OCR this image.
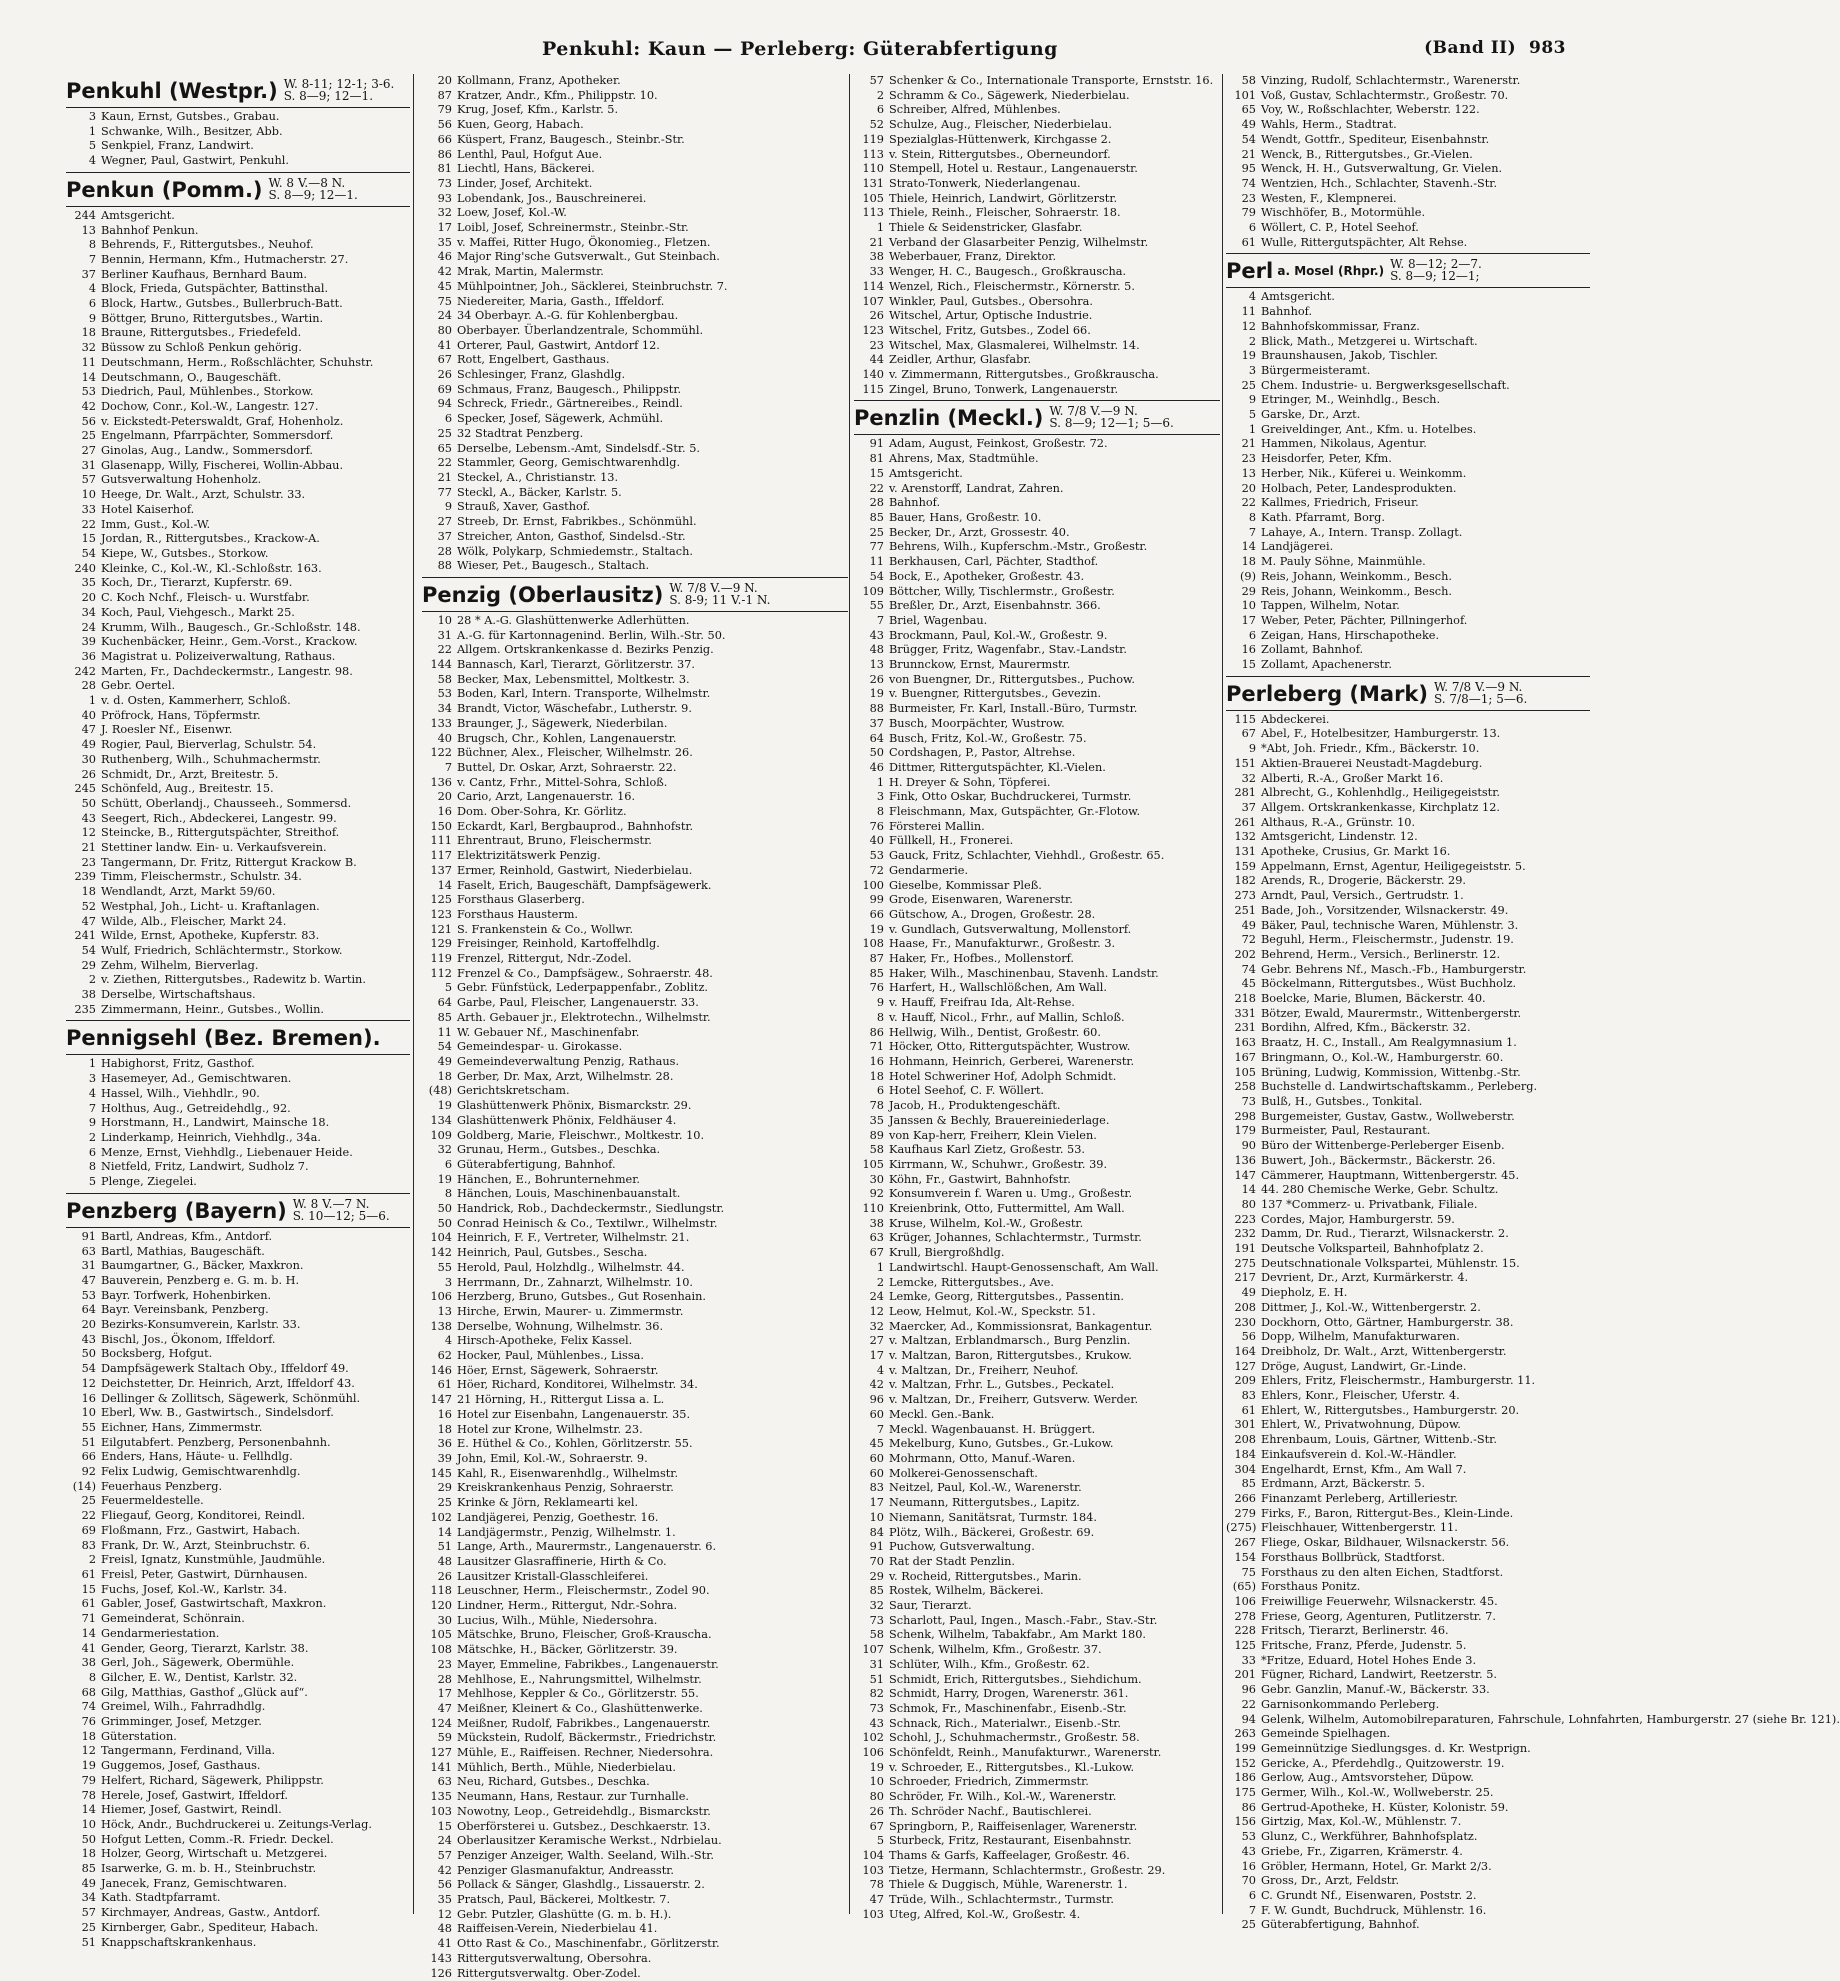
Penkuhl: Kaun — Perleberg: Güterabfertigung	(Band II) 983
Penkuhl (Westpr.) W. 8-11; 12-1; 3-6.
S. 8—9; 12—1.
3 Kaun, Ernst, Gutsbes., Grabau.
1 Schwanke, Wilh., Besitzer, Abb.
5 Senkpiel, Franz, Landwirt.
4 Wegner, Paul, Gastwirt, Penkuhl.
Penkun (Pomm.) W. 8 V.—8 N.
S. 8—9; 12—1.
244 Amtsgericht.
13 Bahnhof Penkun.
8 Behrends, F., Rittergutsbes., Neuhof.
7 Bennin, Hermann, Kfm., Hutmacherstr. 27.
37 Berliner Kaufhaus, Bernhard Baum.
4 Block, Frieda, Gutspächter, Battinsthal.
6 Block, Hartw., Gutsbes., Bullerbruch-Batt.
9 Böttger, Bruno, Rittergutsbes., Wartin.
18 Braune, Rittergutsbes., Friedefeld.
32 Büssow zu Schloß Penkun gehörig.
11 Deutschmann, Herm., Roßschlächter, Schuhstr.
14 Deutschmann, O., Baugeschäft.
53 Diedrich, Paul, Mühlenbes., Storkow.
42 Dochow, Conr., Kol.-W., Langestr. 127.
56 v. Eickstedt-Peterswaldt, Graf, Hohenholz.
25 Engelmann, Pfarrpächter, Sommersdorf.
27 Ginolas, Aug., Landw., Sommersdorf.
31 Glasenapp, Willy, Fischerei, Wollin-Abbau.
57 Gutsverwaltung Hohenholz.
10 Heege, Dr. Walt., Arzt, Schulstr. 33.
33 Hotel Kaiserhof.
22 Imm, Gust., Kol.-W.
15 Jordan, R., Rittergutsbes., Krackow-A.
54 Kiepe, W., Gutsbes., Storkow.
240 Kleinke, C., Kol.-W., Kl.-Schloßstr. 163.
35 Koch, Dr., Tierarzt, Kupferstr. 69.
20 C. Koch Nchf., Fleisch- u. Wurstfabr.
34 Koch, Paul, Viehgesch., Markt 25.
24 Krumm, Wilh., Baugesch., Gr.-Schloßstr. 148.
39 Kuchenbäcker, Heinr., Gem.-Vorst., Krackow.
36 Magistrat u. Polizeiverwaltung, Rathaus.
242 Marten, Fr., Dachdeckermstr., Langestr. 98.
28 Gebr. Oertel.
1 v. d. Osten, Kammerherr, Schloß.
40 Pröfrock, Hans, Töpfermstr.
47 J. Roesler Nf., Eisenwr.
49 Rogier, Paul, Bierverlag, Schulstr. 54.
30 Ruthenberg, Wilh., Schuhmachermstr.
26 Schmidt, Dr., Arzt, Breitestr. 5.
245 Schönfeld, Aug., Breitestr. 15.
50 Schütt, Oberlandj., Chausseeh., Sommersd.
43 Seegert, Rich., Abdeckerei, Langestr. 99.
12 Steincke, B., Rittergutspächter, Streithof.
21 Stettiner landw. Ein- u. Verkaufsverein.
23 Tangermann, Dr. Fritz, Rittergut Krackow B.
239 Timm, Fleischermstr., Schulstr. 34.
18 Wendlandt, Arzt, Markt 59/60.
52 Westphal, Joh., Licht- u. Kraftanlagen.
47 Wilde, Alb., Fleischer, Markt 24.
241 Wilde, Ernst, Apotheke, Kupferstr. 83.
54 Wulf, Friedrich, Schlächtermstr., Storkow.
29 Zehm, Wilhelm, Bierverlag.
2 v. Ziethen, Rittergutsbes., Radewitz b. Wartin.
38 Derselbe, Wirtschaftshaus.
235 Zimmermann, Heinr., Gutsbes., Wollin.
Pennigsehl (Bez. Bremen).
1 Habighorst, Fritz, Gasthof.
3 Hasemeyer, Ad., Gemischtwaren.
4 Hassel, Wilh., Viehhdlr., 90.
7 Holthus, Aug., Getreidehdlg., 92.
9 Horstmann, H., Landwirt, Mainsche 18.
2 Linderkamp, Heinrich, Viehhdlg., 34a.
6 Menze, Ernst, Viehhdlg., Liebenauer Heide.
8 Nietfeld, Fritz, Landwirt, Sudholz 7.
5 Plenge, Ziegelei.
Penzberg (Bayern) W. 8 V.—7 N.
S. 10—12; 5—6.
91 Bartl, Andreas, Kfm., Antdorf.
63 Bartl, Mathias, Baugeschäft.
31 Baumgartner, G., Bäcker, Maxkron.
47 Bauverein, Penzberg e. G. m. b. H.
53 Bayr. Torfwerk, Hohenbirken.
64 Bayr. Vereinsbank, Penzberg.
20 Bezirks-Konsumverein, Karlstr. 33.
43 Bischl, Jos., Ökonom, Iffeldorf.
50 Bocksberg, Hofgut.
54 Dampfsägewerk Staltach Oby., Iffeldorf 49.
12 Deichstetter, Dr. Heinrich, Arzt, Iffeldorf 43.
16 Dellinger & Zollitsch, Sägewerk, Schönmühl.
10 Eberl, Ww. B., Gastwirtsch., Sindelsdorf.
55 Eichner, Hans, Zimmermstr.
51 Eilgutabfert. Penzberg, Personenbahnh.
66 Enders, Hans, Häute- u. Fellhdlg.
92 Felix Ludwig, Gemischtwarenhdlg.
(14) Feuerhaus Penzberg.
25 Feuermeldestelle.
22 Fliegauf, Georg, Konditorei, Reindl.
69 Floßmann, Frz., Gastwirt, Habach.
83 Frank, Dr. W., Arzt, Steinbruchstr. 6.
2 Freisl, Ignatz, Kunstmühle, Jaudmühle.
61 Freisl, Peter, Gastwirt, Dürnhausen.
15 Fuchs, Josef, Kol.-W., Karlstr. 34.
61 Gabler, Josef, Gastwirtschaft, Maxkron.
71 Gemeinderat, Schönrain.
14 Gendarmeriestation.
41 Gender, Georg, Tierarzt, Karlstr. 38.
38 Gerl, Joh., Sägewerk, Obermühle.
8 Gilcher, E. W., Dentist, Karlstr. 32.
68 Gilg, Matthias, Gasthof „Glück auf“.
74 Greimel, Wilh., Fahrradhdlg.
76 Grimminger, Josef, Metzger.
18 Güterstation.
12 Tangermann, Ferdinand, Villa.
19 Guggemos, Josef, Gasthaus.
79 Helfert, Richard, Sägewerk, Philippstr.
78 Herele, Josef, Gastwirt, Iffeldorf.
14 Hiemer, Josef, Gastwirt, Reindl.
10 Höck, Andr., Buchdruckerei u. Zeitungs-Verlag.
50 Hofgut Letten, Comm.-R. Friedr. Deckel.
18 Holzer, Georg, Wirtschaft u. Metzgerei.
85 Isarwerke, G. m. b. H., Steinbruchstr.
49 Janecek, Franz, Gemischtwaren.
34 Kath. Stadtpfarramt.
57 Kirchmayer, Andreas, Gastw., Antdorf.
25 Kirnberger, Gabr., Spediteur, Habach.
51 Knappschaftskrankenhaus.
20 Kollmann, Franz, Apotheker.
87 Kratzer, Andr., Kfm., Philippstr. 10.
79 Krug, Josef, Kfm., Karlstr. 5.
56 Kuen, Georg, Habach.
66 Küspert, Franz, Baugesch., Steinbr.-Str.
86 Lenthl, Paul, Hofgut Aue.
81 Liechtl, Hans, Bäckerei.
73 Linder, Josef, Architekt.
93 Lobendank, Jos., Bauschreinerei.
32 Loew, Josef, Kol.-W.
17 Loibl, Josef, Schreinermstr., Steinbr.-Str.
35 v. Maffei, Ritter Hugo, Ökonomieg., Fletzen.
46 Major Ring'sche Gutsverwalt., Gut Steinbach.
42 Mrak, Martin, Malermstr.
45 Mühlpointner, Joh., Säcklerei, Steinbruchstr. 7.
75 Niedereiter, Maria, Gasth., Iffeldorf.
24 34 Oberbayr. A.-G. für Kohlenbergbau.
80 Oberbayer. Überlandzentrale, Schommühl.
41 Orterer, Paul, Gastwirt, Antdorf 12.
67 Rott, Engelbert, Gasthaus.
26 Schlesinger, Franz, Glashdlg.
69 Schmaus, Franz, Baugesch., Philippstr.
94 Schreck, Friedr., Gärtnereibes., Reindl.
6 Specker, Josef, Sägewerk, Achmühl.
25 32 Stadtrat Penzberg.
65 Derselbe, Lebensm.-Amt, Sindelsdf.-Str. 5.
22 Stammler, Georg, Gemischtwarenhdlg.
21 Steckel, A., Christianstr. 13.
77 Steckl, A., Bäcker, Karlstr. 5.
9 Strauß, Xaver, Gasthof.
27 Streeb, Dr. Ernst, Fabrikbes., Schönmühl.
37 Streicher, Anton, Gasthof, Sindelsd.-Str.
28 Wölk, Polykarp, Schmiedemstr., Staltach.
88 Wieser, Pet., Baugesch., Staltach.
Penzig (Oberlausitz) W. 7/8 V.—9 N.
S. 8-9; 11 V.-1 N.
10 28 * A.-G. Glashüttenwerke Adlerhütten.
31 A.-G. für Kartonnagenind. Berlin, Wilh.-Str. 50.
22 Allgem. Ortskrankenkasse d. Bezirks Penzig.
144 Bannasch, Karl, Tierarzt, Görlitzerstr. 37.
58 Becker, Max, Lebensmittel, Moltkestr. 3.
53 Boden, Karl, Intern. Transporte, Wilhelmstr.
34 Brandt, Victor, Wäschefabr., Lutherstr. 9.
133 Braunger, J., Sägewerk, Niederbilan.
40 Brugsch, Chr., Kohlen, Langenauerstr.
122 Büchner, Alex., Fleischer, Wilhelmstr. 26.
7 Buttel, Dr. Oskar, Arzt, Sohraerstr. 22.
136 v. Cantz, Frhr., Mittel-Sohra, Schloß.
20 Cario, Arzt, Langenauerstr. 16.
16 Dom. Ober-Sohra, Kr. Görlitz.
150 Eckardt, Karl, Bergbauprod., Bahnhofstr.
111 Ehrentraut, Bruno, Fleischermstr.
117 Elektrizitätswerk Penzig.
137 Ermer, Reinhold, Gastwirt, Niederbielau.
14 Faselt, Erich, Baugeschäft, Dampfsägewerk.
125 Forsthaus Glaserberg.
123 Forsthaus Hausterm.
121 S. Frankenstein & Co., Wollwr.
129 Freisinger, Reinhold, Kartoffelhdlg.
119 Frenzel, Rittergut, Ndr.-Zodel.
112 Frenzel & Co., Dampfsägew., Sohraerstr. 48.
5 Gebr. Fünfstück, Lederpappenfabr., Zoblitz.
64 Garbe, Paul, Fleischer, Langenauerstr. 33.
85 Arth. Gebauer jr., Elektrotechn., Wilhelmstr.
11 W. Gebauer Nf., Maschinenfabr.
54 Gemeindespar- u. Girokasse.
49 Gemeindeverwaltung Penzig, Rathaus.
18 Gerber, Dr. Max, Arzt, Wilhelmstr. 28.
(48) Gerichtskretscham.
19 Glashüttenwerk Phönix, Bismarckstr. 29.
134 Glashüttenwerk Phönix, Feldhäuser 4.
109 Goldberg, Marie, Fleischwr., Moltkestr. 10.
32 Grunau, Herm., Gutsbes., Deschka.
6 Güterabfertigung, Bahnhof.
19 Hänchen, E., Bohrunternehmer.
8 Hänchen, Louis, Maschinenbauanstalt.
50 Handrick, Rob., Dachdeckermstr., Siedlungstr.
50 Conrad Heinisch & Co., Textilwr., Wilhelmstr.
104 Heinrich, F. F., Vertreter, Wilhelmstr. 21.
142 Heinrich, Paul, Gutsbes., Sescha.
55 Herold, Paul, Holzhdlg., Wilhelmstr. 44.
3 Herrmann, Dr., Zahnarzt, Wilhelmstr. 10.
106 Herzberg, Bruno, Gutsbes., Gut Rosenhain.
13 Hirche, Erwin, Maurer- u. Zimmermstr.
138 Derselbe, Wohnung, Wilhelmstr. 36.
4 Hirsch-Apotheke, Felix Kassel.
62 Hocker, Paul, Mühlenbes., Lissa.
146 Höer, Ernst, Sägewerk, Sohraerstr.
61 Höer, Richard, Konditorei, Wilhelmstr. 34.
147 21 Hörning, H., Rittergut Lissa a. L.
16 Hotel zur Eisenbahn, Langenauerstr. 35.
18 Hotel zur Krone, Wilhelmstr. 23.
36 E. Hüthel & Co., Kohlen, Görlitzerstr. 55.
39 John, Emil, Kol.-W., Sohraerstr. 9.
145 Kahl, R., Eisenwarenhdlg., Wilhelmstr.
29 Kreiskrankenhaus Penzig, Sohraerstr.
25 Krinke & Jörn, Reklamearti kel.
102 Landjägerei, Penzig, Goethestr. 16.
14 Landjägermstr., Penzig, Wilhelmstr. 1.
51 Lange, Arth., Maurermstr., Langenauerstr. 6.
48 Lausitzer Glasraffinerie, Hirth & Co.
26 Lausitzer Kristall-Glasschleiferei.
118 Leuschner, Herm., Fleischermstr., Zodel 90.
120 Lindner, Herm., Rittergut, Ndr.-Sohra.
30 Lucius, Wilh., Mühle, Niedersohra.
105 Mätschke, Bruno, Fleischer, Groß-Krauscha.
108 Mätschke, H., Bäcker, Görlitzerstr. 39.
23 Mayer, Emmeline, Fabrikbes., Langenauerstr.
28 Mehlhose, E., Nahrungsmittel, Wilhelmstr.
17 Mehlhose, Keppler & Co., Görlitzerstr. 55.
47 Meißner, Kleinert & Co., Glashüttenwerke.
124 Meißner, Rudolf, Fabrikbes., Langenauerstr.
59 Mückstein, Rudolf, Bäckermstr., Friedrichstr.
127 Mühle, E., Raiffeisen. Rechner, Niedersohra.
141 Mühlich, Berth., Mühle, Niederbielau.
63 Neu, Richard, Gutsbes., Deschka.
135 Neumann, Hans, Restaur. zur Turnhalle.
103 Nowotny, Leop., Getreidehdlg., Bismarckstr.
15 Oberförsterei u. Gutsbez., Deschkaerstr. 13.
24 Oberlausitzer Keramische Werkst., Ndrbielau.
57 Penziger Anzeiger, Walth. Seeland, Wilh.-Str.
42 Penziger Glasmanufaktur, Andreasstr.
56 Pollack & Sänger, Glashdlg., Lissauerstr. 2.
35 Pratsch, Paul, Bäckerei, Moltkestr. 7.
12 Gebr. Putzler, Glashütte (G. m. b. H.).
48 Raiffeisen-Verein, Niederbielau 41.
41 Otto Rast & Co., Maschinenfabr., Görlitzerstr.
143 Rittergutsverwaltung, Obersohra.
126 Rittergutsverwaltg. Ober-Zodel.
57 Schenker & Co., Internationale Transporte, Ernststr. 16.
2 Schramm & Co., Sägewerk, Niederbielau.
6 Schreiber, Alfred, Mühlenbes.
52 Schulze, Aug., Fleischer, Niederbielau.
119 Spezialglas-Hüttenwerk, Kirchgasse 2.
113 v. Stein, Rittergutsbes., Oberneundorf.
110 Stempell, Hotel u. Restaur., Langenauerstr.
131 Strato-Tonwerk, Niederlangenau.
105 Thiele, Heinrich, Landwirt, Görlitzerstr.
113 Thiele, Reinh., Fleischer, Sohraerstr. 18.
1 Thiele & Seidenstricker, Glasfabr.
21 Verband der Glasarbeiter Penzig, Wilhelmstr.
38 Weberbauer, Franz, Direktor.
33 Wenger, H. C., Baugesch., Großkrauscha.
114 Wenzel, Rich., Fleischermstr., Körnerstr. 5.
107 Winkler, Paul, Gutsbes., Obersohra.
26 Witschel, Artur, Optische Industrie.
123 Witschel, Fritz, Gutsbes., Zodel 66.
23 Witschel, Max, Glasmalerei, Wilhelmstr. 14.
44 Zeidler, Arthur, Glasfabr.
140 v. Zimmermann, Rittergutsbes., Großkrauscha.
115 Zingel, Bruno, Tonwerk, Langenauerstr.
Penzlin (Meckl.) W. 7/8 V.—9 N.
S. 8—9; 12—1; 5—6.
91 Adam, August, Feinkost, Großestr. 72.
81 Ahrens, Max, Stadtmühle.
15 Amtsgericht.
22 v. Arenstorff, Landrat, Zahren.
28 Bahnhof.
85 Bauer, Hans, Großestr. 10.
25 Becker, Dr., Arzt, Grossestr. 40.
77 Behrens, Wilh., Kupferschm.-Mstr., Großestr.
11 Berkhausen, Carl, Pächter, Stadthof.
54 Bock, E., Apotheker, Großestr. 43.
109 Böttcher, Willy, Tischlermstr., Großestr.
55 Breßler, Dr., Arzt, Eisenbahnstr. 366.
7 Briel, Wagenbau.
43 Brockmann, Paul, Kol.-W., Großestr. 9.
48 Brügger, Fritz, Wagenfabr., Stav.-Landstr.
13 Brunnckow, Ernst, Maurermstr.
26 von Buengner, Dr., Rittergutsbes., Puchow.
19 v. Buengner, Rittergutsbes., Gevezin.
88 Burmeister, Fr. Karl, Install.-Büro, Turmstr.
37 Busch, Moorpächter, Wustrow.
64 Busch, Fritz, Kol.-W., Großestr. 75.
50 Cordshagen, P., Pastor, Altrehse.
46 Dittmer, Rittergutspächter, Kl.-Vielen.
1 H. Dreyer & Sohn, Töpferei.
3 Fink, Otto Oskar, Buchdruckerei, Turmstr.
8 Fleischmann, Max, Gutspächter, Gr.-Flotow.
76 Försterei Mallin.
40 Füllkell, H., Fronerei.
53 Gauck, Fritz, Schlachter, Viehhdl., Großestr. 65.
72 Gendarmerie.
100 Gieselbe, Kommissar Pleß.
99 Grode, Eisenwaren, Warenerstr.
66 Gütschow, A., Drogen, Großestr. 28.
19 v. Gundlach, Gutsverwaltung, Mollenstorf.
108 Haase, Fr., Manufakturwr., Großestr. 3.
87 Haker, Fr., Hofbes., Mollenstorf.
85 Haker, Wilh., Maschinenbau, Stavenh. Landstr.
76 Harfert, H., Wallschlößchen, Am Wall.
9 v. Hauff, Freifrau Ida, Alt-Rehse.
8 v. Hauff, Nicol., Frhr., auf Mallin, Schloß.
86 Hellwig, Wilh., Dentist, Großestr. 60.
71 Höcker, Otto, Rittergutspächter, Wustrow.
16 Hohmann, Heinrich, Gerberei, Warenerstr.
18 Hotel Schweriner Hof, Adolph Schmidt.
6 Hotel Seehof, C. F. Wöllert.
78 Jacob, H., Produktengeschäft.
35 Janssen & Bechly, Brauereiniederlage.
89 von Kap-herr, Freiherr, Klein Vielen.
58 Kaufhaus Karl Zietz, Großestr. 53.
105 Kirrmann, W., Schuhwr., Großestr. 39.
30 Köhn, Fr., Gastwirt, Bahnhofstr.
92 Konsumverein f. Waren u. Umg., Großestr.
110 Kreienbrink, Otto, Futtermittel, Am Wall.
38 Kruse, Wilhelm, Kol.-W., Großestr.
63 Krüger, Johannes, Schlachtermstr., Turmstr.
67 Krull, Biergroßhdlg.
1 Landwirtschl. Haupt-Genossenschaft, Am Wall.
2 Lemcke, Rittergutsbes., Ave.
24 Lemke, Georg, Rittergutsbes., Passentin.
12 Leow, Helmut, Kol.-W., Speckstr. 51.
32 Maercker, Ad., Kommissionsrat, Bankagentur.
27 v. Maltzan, Erblandmarsch., Burg Penzlin.
17 v. Maltzan, Baron, Rittergutsbes., Krukow.
4 v. Maltzan, Dr., Freiherr, Neuhof.
42 v. Maltzan, Frhr. L., Gutsbes., Peckatel.
96 v. Maltzan, Dr., Freiherr, Gutsverw. Werder.
60 Meckl. Gen.-Bank.
7 Meckl. Wagenbauanst. H. Brüggert.
45 Mekelburg, Kuno, Gutsbes., Gr.-Lukow.
60 Mohrmann, Otto, Manuf.-Waren.
60 Molkerei-Genossenschaft.
83 Neitzel, Paul, Kol.-W., Warenerstr.
17 Neumann, Rittergutsbes., Lapitz.
10 Niemann, Sanitätsrat, Turmstr. 184.
84 Plötz, Wilh., Bäckerei, Großestr. 69.
91 Puchow, Gutsverwaltung.
70 Rat der Stadt Penzlin.
29 v. Rocheid, Rittergutsbes., Marin.
85 Rostek, Wilhelm, Bäckerei.
32 Saur, Tierarzt.
73 Scharlott, Paul, Ingen., Masch.-Fabr., Stav.-Str.
58 Schenk, Wilhelm, Tabakfabr., Am Markt 180.
107 Schenk, Wilhelm, Kfm., Großestr. 37.
31 Schlüter, Wilh., Kfm., Großestr. 62.
51 Schmidt, Erich, Rittergutsbes., Siehdichum.
82 Schmidt, Harry, Drogen, Warenerstr. 361.
73 Schmok, Fr., Maschinenfabr., Eisenb.-Str.
43 Schnack, Rich., Materialwr., Eisenb.-Str.
102 Schohl, J., Schuhmachermstr., Großestr. 58.
106 Schönfeldt, Reinh., Manufakturwr., Warenerstr.
19 v. Schroeder, E., Rittergutsbes., Kl.-Lukow.
10 Schroeder, Friedrich, Zimmermstr.
80 Schröder, Fr. Wilh., Kol.-W., Warenerstr.
26 Th. Schröder Nachf., Bautischlerei.
67 Springborn, P., Raiffeisenlager, Warenerstr.
5 Sturbeck, Fritz, Restaurant, Eisenbahnstr.
104 Thams & Garfs, Kaffeelager, Großestr. 46.
103 Tietze, Hermann, Schlachtermstr., Großestr. 29.
78 Thiele & Duggisch, Mühle, Warenerstr. 1.
47 Trüde, Wilh., Schlachtermstr., Turmstr.
103 Uteg, Alfred, Kol.-W., Großestr. 4.
58 Vinzing, Rudolf, Schlachtermstr., Warenerstr.
101 Voß, Gustav, Schlachtermstr., Großestr. 70.
65 Voy, W., Roßschlachter, Weberstr. 122.
49 Wahls, Herm., Stadtrat.
54 Wendt, Gottfr., Spediteur, Eisenbahnstr.
21 Wenck, B., Rittergutsbes., Gr.-Vielen.
95 Wenck, H. H., Gutsverwaltung, Gr. Vielen.
74 Wentzien, Hch., Schlachter, Stavenh.-Str.
23 Westen, F., Klempnerei.
79 Wischhöfer, B., Motormühle.
6 Wöllert, C. P., Hotel Seehof.
61 Wulle, Rittergutspächter, Alt Rehse.
Perl $^{a. Mosel (Rhpr.)}$ W. 8—12; 2—7.
S. 8—9; 12—1;
4 Amtsgericht.
11 Bahnhof.
12 Bahnhofskommissar, Franz.
2 Blick, Math., Metzgerei u. Wirtschaft.
19 Braunshausen, Jakob, Tischler.
3 Bürgermeisteramt.
25 Chem. Industrie- u. Bergwerksgesellschaft.
9 Etringer, M., Weinhdlg., Besch.
5 Garske, Dr., Arzt.
1 Greiveldinger, Ant., Kfm. u. Hotelbes.
21 Hammen, Nikolaus, Agentur.
23 Heisdorfer, Peter, Kfm.
13 Herber, Nik., Küferei u. Weinkomm.
20 Holbach, Peter, Landesprodukten.
22 Kallmes, Friedrich, Friseur.
8 Kath. Pfarramt, Borg.
7 Lahaye, A., Intern. Transp. Zollagt.
14 Landjägerei.
18 M. Pauly Söhne, Mainmühle.
(9) Reis, Johann, Weinkomm., Besch.
29 Reis, Johann, Weinkomm., Besch.
10 Tappen, Wilhelm, Notar.
17 Weber, Peter, Pächter, Pillningerhof.
6 Zeigan, Hans, Hirschapotheke.
16 Zollamt, Bahnhof.
15 Zollamt, Apachenerstr.
Perleberg (Mark) W. 7/8 V.—9 N.
S. 7/8—1; 5—6.
115 Abdeckerei.
67 Abel, F., Hotelbesitzer, Hamburgerstr. 13.
9 *Abt, Joh. Friedr., Kfm., Bäckerstr. 10.
151 Aktien-Brauerei Neustadt-Magdeburg.
32 Alberti, R.-A., Großer Markt 16.
281 Albrecht, G., Kohlenhdlg., Heiligegeiststr.
37 Allgem. Ortskrankenkasse, Kirchplatz 12.
261 Althaus, R.-A., Grünstr. 10.
132 Amtsgericht, Lindenstr. 12.
131 Apotheke, Crusius, Gr. Markt 16.
159 Appelmann, Ernst, Agentur, Heiligegeiststr. 5.
182 Arends, R., Drogerie, Bäckerstr. 29.
273 Arndt, Paul, Versich., Gertrudstr. 1.
251 Bade, Joh., Vorsitzender, Wilsnackerstr. 49.
49 Bäker, Paul, technische Waren, Mühlenstr. 3.
72 Beguhl, Herm., Fleischermstr., Judenstr. 19.
202 Behrend, Herm., Versich., Berlinerstr. 12.
74 Gebr. Behrens Nf., Masch.-Fb., Hamburgerstr.
45 Böckelmann, Rittergutsbes., Wüst Buchholz.
218 Boelcke, Marie, Blumen, Bäckerstr. 40.
331 Bötzer, Ewald, Maurermstr., Wittenbergerstr.
231 Bordihn, Alfred, Kfm., Bäckerstr. 32.
163 Braatz, H. C., Install., Am Realgymnasium 1.
167 Bringmann, O., Kol.-W., Hamburgerstr. 60.
105 Brüning, Ludwig, Kommission, Wittenbg.-Str.
258 Buchstelle d. Landwirtschaftskamm., Perleberg.
73 Bulß, H., Gutsbes., Tonkital.
298 Burgemeister, Gustav, Gastw., Wollweberstr.
179 Burmeister, Paul, Restaurant.
90 Büro der Wittenberge-Perleberger Eisenb.
136 Buwert, Joh., Bäckermstr., Bäckerstr. 26.
147 Cämmerer, Hauptmann, Wittenbergerstr. 45.
14 44. 280 Chemische Werke, Gebr. Schultz.
80 137 *Commerz- u. Privatbank, Filiale.
223 Cordes, Major, Hamburgerstr. 59.
232 Damm, Dr. Rud., Tierarzt, Wilsnackerstr. 2.
191 Deutsche Volksparteil, Bahnhofplatz 2.
275 Deutschnationale Volkspartei, Mühlenstr. 15.
217 Devrient, Dr., Arzt, Kurmärkerstr. 4.
49 Diepholz, E. H.
208 Dittmer, J., Kol.-W., Wittenbergerstr. 2.
230 Dockhorn, Otto, Gärtner, Hamburgerstr. 38.
56 Dopp, Wilhelm, Manufakturwaren.
164 Dreibholz, Dr. Walt., Arzt, Wittenbergerstr.
127 Dröge, August, Landwirt, Gr.-Linde.
209 Ehlers, Fritz, Fleischermstr., Hamburgerstr. 11.
83 Ehlers, Konr., Fleischer, Uferstr. 4.
61 Ehlert, W., Rittergutsbes., Hamburgerstr. 20.
301 Ehlert, W., Privatwohnung, Düpow.
208 Ehrenbaum, Louis, Gärtner, Wittenb.-Str.
184 Einkaufsverein d. Kol.-W.-Händler.
304 Engelhardt, Ernst, Kfm., Am Wall 7.
85 Erdmann, Arzt, Bäckerstr. 5.
266 Finanzamt Perleberg, Artilleriestr.
279 Firks, F., Baron, Rittergut-Bes., Klein-Linde.
(275) Fleischhauer, Wittenbergerstr. 11.
267 Fliege, Oskar, Bildhauer, Wilsnackerstr. 56.
154 Forsthaus Bollbrück, Stadtforst.
75 Forsthaus zu den alten Eichen, Stadtforst.
(65) Forsthaus Ponitz.
106 Freiwillige Feuerwehr, Wilsnackerstr. 45.
278 Friese, Georg, Agenturen, Putlitzerstr. 7.
228 Fritsch, Tierarzt, Berlinerstr. 46.
125 Fritsche, Franz, Pferde, Judenstr. 5.
33 *Fritze, Eduard, Hotel Hohes Ende 3.
201 Fügner, Richard, Landwirt, Reetzerstr. 5.
96 Gebr. Ganzlin, Manuf.-W., Bäckerstr. 33.
22 Garnisonkommando Perleberg.
94 Gelenk, Wilhelm, Automobilreparaturen, Fahrschule, Lohnfahrten, Hamburgerstr. 27 (siehe Br. 121).
263 Gemeinde Spielhagen.
199 Gemeinnützige Siedlungsges. d. Kr. Westprign.
152 Gericke, A., Pferdehdlg., Quitzowerstr. 19.
186 Gerlow, Aug., Amtsvorsteher, Düpow.
175 Germer, Wilh., Kol.-W., Wollweberstr. 25.
86 Gertrud-Apotheke, H. Küster, Kolonistr. 59.
156 Girtzig, Max, Kol.-W., Mühlenstr. 7.
53 Glunz, C., Werkführer, Bahnhofsplatz.
43 Griebe, Fr., Zigarren, Krämerstr. 4.
16 Gröbler, Hermann, Hotel, Gr. Markt 2/3.
70 Gross, Dr., Arzt, Feldstr.
6 C. Grundt Nf., Eisenwaren, Poststr. 2.
7 F. W. Gundt, Buchdruck, Mühlenstr. 16.
25 Güterabfertigung, Bahnhof.
